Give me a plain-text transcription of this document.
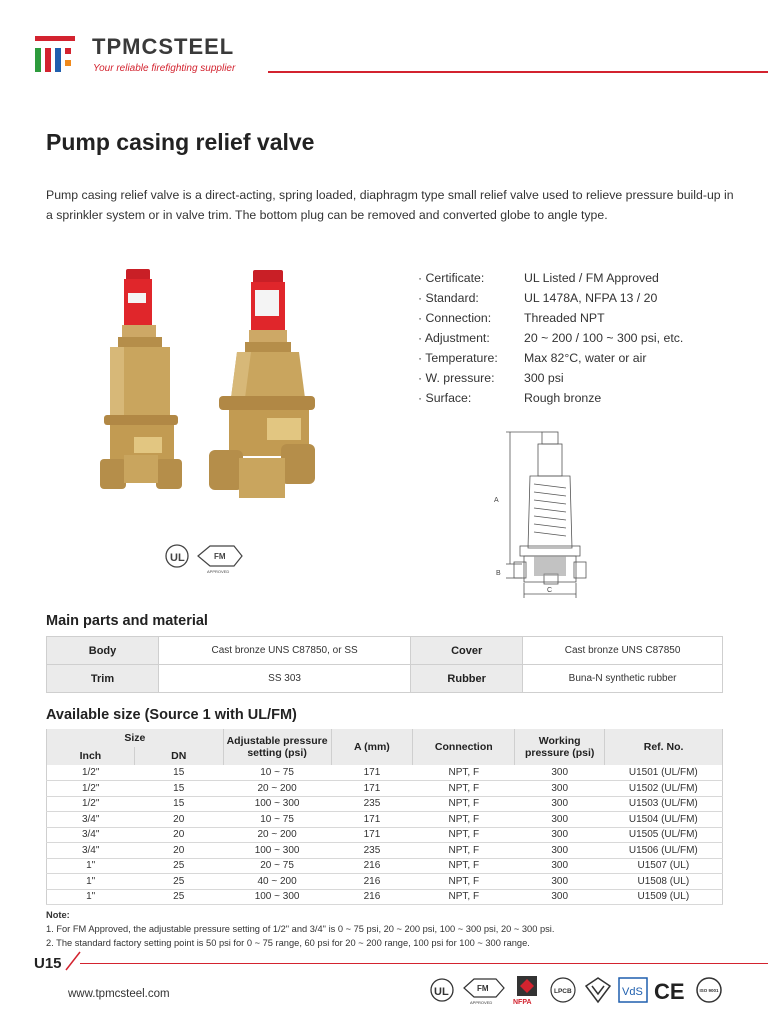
TPMCSTEEL
Your reliable firefighting supplier
Pump casing relief valve

Pump casing relief valve is a direct-acting, spring loaded, diaphragm type small relief valve used to relieve pressure build-up in a sprinkler system or in valve trim. The bottom plug can be removed and converted globe to angle type.

· Certificate:	UL Listed / FM Approved
· Standard:	UL 1478A, NFPA 13 / 20
· Connection:	Threaded NPT
· Adjustment:	20 ~ 200 / 100 ~ 300 psi, etc.
· Temperature:	Max 82°C, water or air
· W. pressure:	300 psi
· Surface:	Rough bronze
A
B
C
UL	FM
APPROVED
Main parts and material
Body	Cast bronze UNS C87850, or SS	Cover	Cast bronze UNS C87850
Trim	SS 303	Rubber	Buna-N synthetic rubber
Available size (Source 1 with UL/FM)
Size		Adjustable pressure setting (psi)	A (mm)	Connection	Working pressure (psi)	Ref. No.
Inch	DN					
1/2"	15	10 ~ 75	171	NPT, F	300	U1501 (UL/FM)
1/2"	15	20 ~ 200	171	NPT, F	300	U1502 (UL/FM)
1/2"	15	100 ~ 300	235	NPT, F	300	U1503 (UL/FM)
3/4"	20	10 ~ 75	171	NPT, F	300	U1504 (UL/FM)
3/4"	20	20 ~ 200	171	NPT, F	300	U1505 (UL/FM)
3/4"	20	100 ~ 300	235	NPT, F	300	U1506 (UL/FM)
1"	25	20 ~ 75	216	NPT, F	300	U1507 (UL)
1"	25	40 ~ 200	216	NPT, F	300	U1508 (UL)
1"	25	100 ~ 300	216	NPT, F	300	U1509 (UL)
Note:
1. For FM Approved, the adjustable pressure setting of 1/2" and 3/4" is 0 ~ 75 psi, 20 ~ 200 psi, 100 ~ 300 psi, 20 ~ 300 psi.
2. The standard factory setting point is 50 psi for 0 ~ 75 range, 60 psi for 20 ~ 200 range, 100 psi for 100 ~ 300 range.
U15
www.tpmcsteel.com	UL	FM
APPROVED	NFPA
LPCB	VdS CE	ISO 9001
